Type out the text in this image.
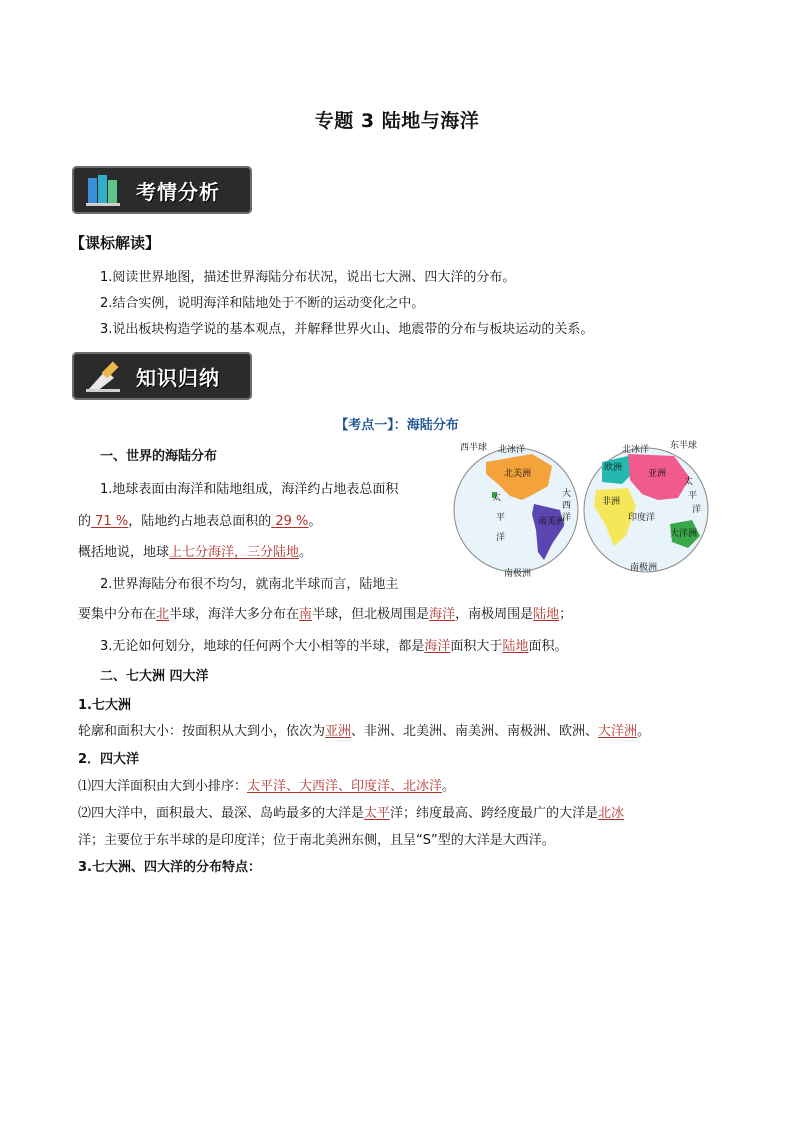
专题 3 陆地与海洋
考情分析
【课标解读】
1.阅读世界地图，描述世界海陆分布状况，说出七大洲、四大洋的分布。
2.结合实例，说明海洋和陆地处于不断的运动变化之中。
3.说出板块构造学说的基本观点，并解释世界火山、地震带的分布与板块运动的关系。
知识归纳
【考点一】：海陆分布
一、世界的海陆分布
1.地球表面由海洋和陆地组成，海洋约占地表总面积
的 71 %，陆地约占地表总面积的 29 %。
概括地说，地球上七分海洋，三分陆地。
2.世界海陆分布很不均匀，就南北半球而言，陆地主
要集中分布在北半球，海洋大多分布在南半球，但北极周围是海洋，南极周围是陆地；
3.无论如何划分，地球的任何两个大小相等的半球，都是海洋面积大于陆地面积。
西半球 北冰洋
北美洲
太
平
洋
大
西
洋
南美洲
南极洲
北冰洋 东半球
欧洲
亚洲
非洲
印度洋
太
平
洋
大洋洲
南极洲
二、七大洲 四大洋
1.七大洲
轮廓和面积大小：按面积从大到小，依次为亚洲、非洲、北美洲、南美洲、南极洲、欧洲、大洋洲。
2．四大洋
⑴四大洋面积由大到小排序：太平洋、大西洋、印度洋、北冰洋。
⑵四大洋中，面积最大、最深、岛屿最多的大洋是太平洋；纬度最高、跨经度最广的大洋是北冰
洋；主要位于东半球的是印度洋；位于南北美洲东侧，且呈“S”型的大洋是大西洋。
3.七大洲、四大洋的分布特点：
